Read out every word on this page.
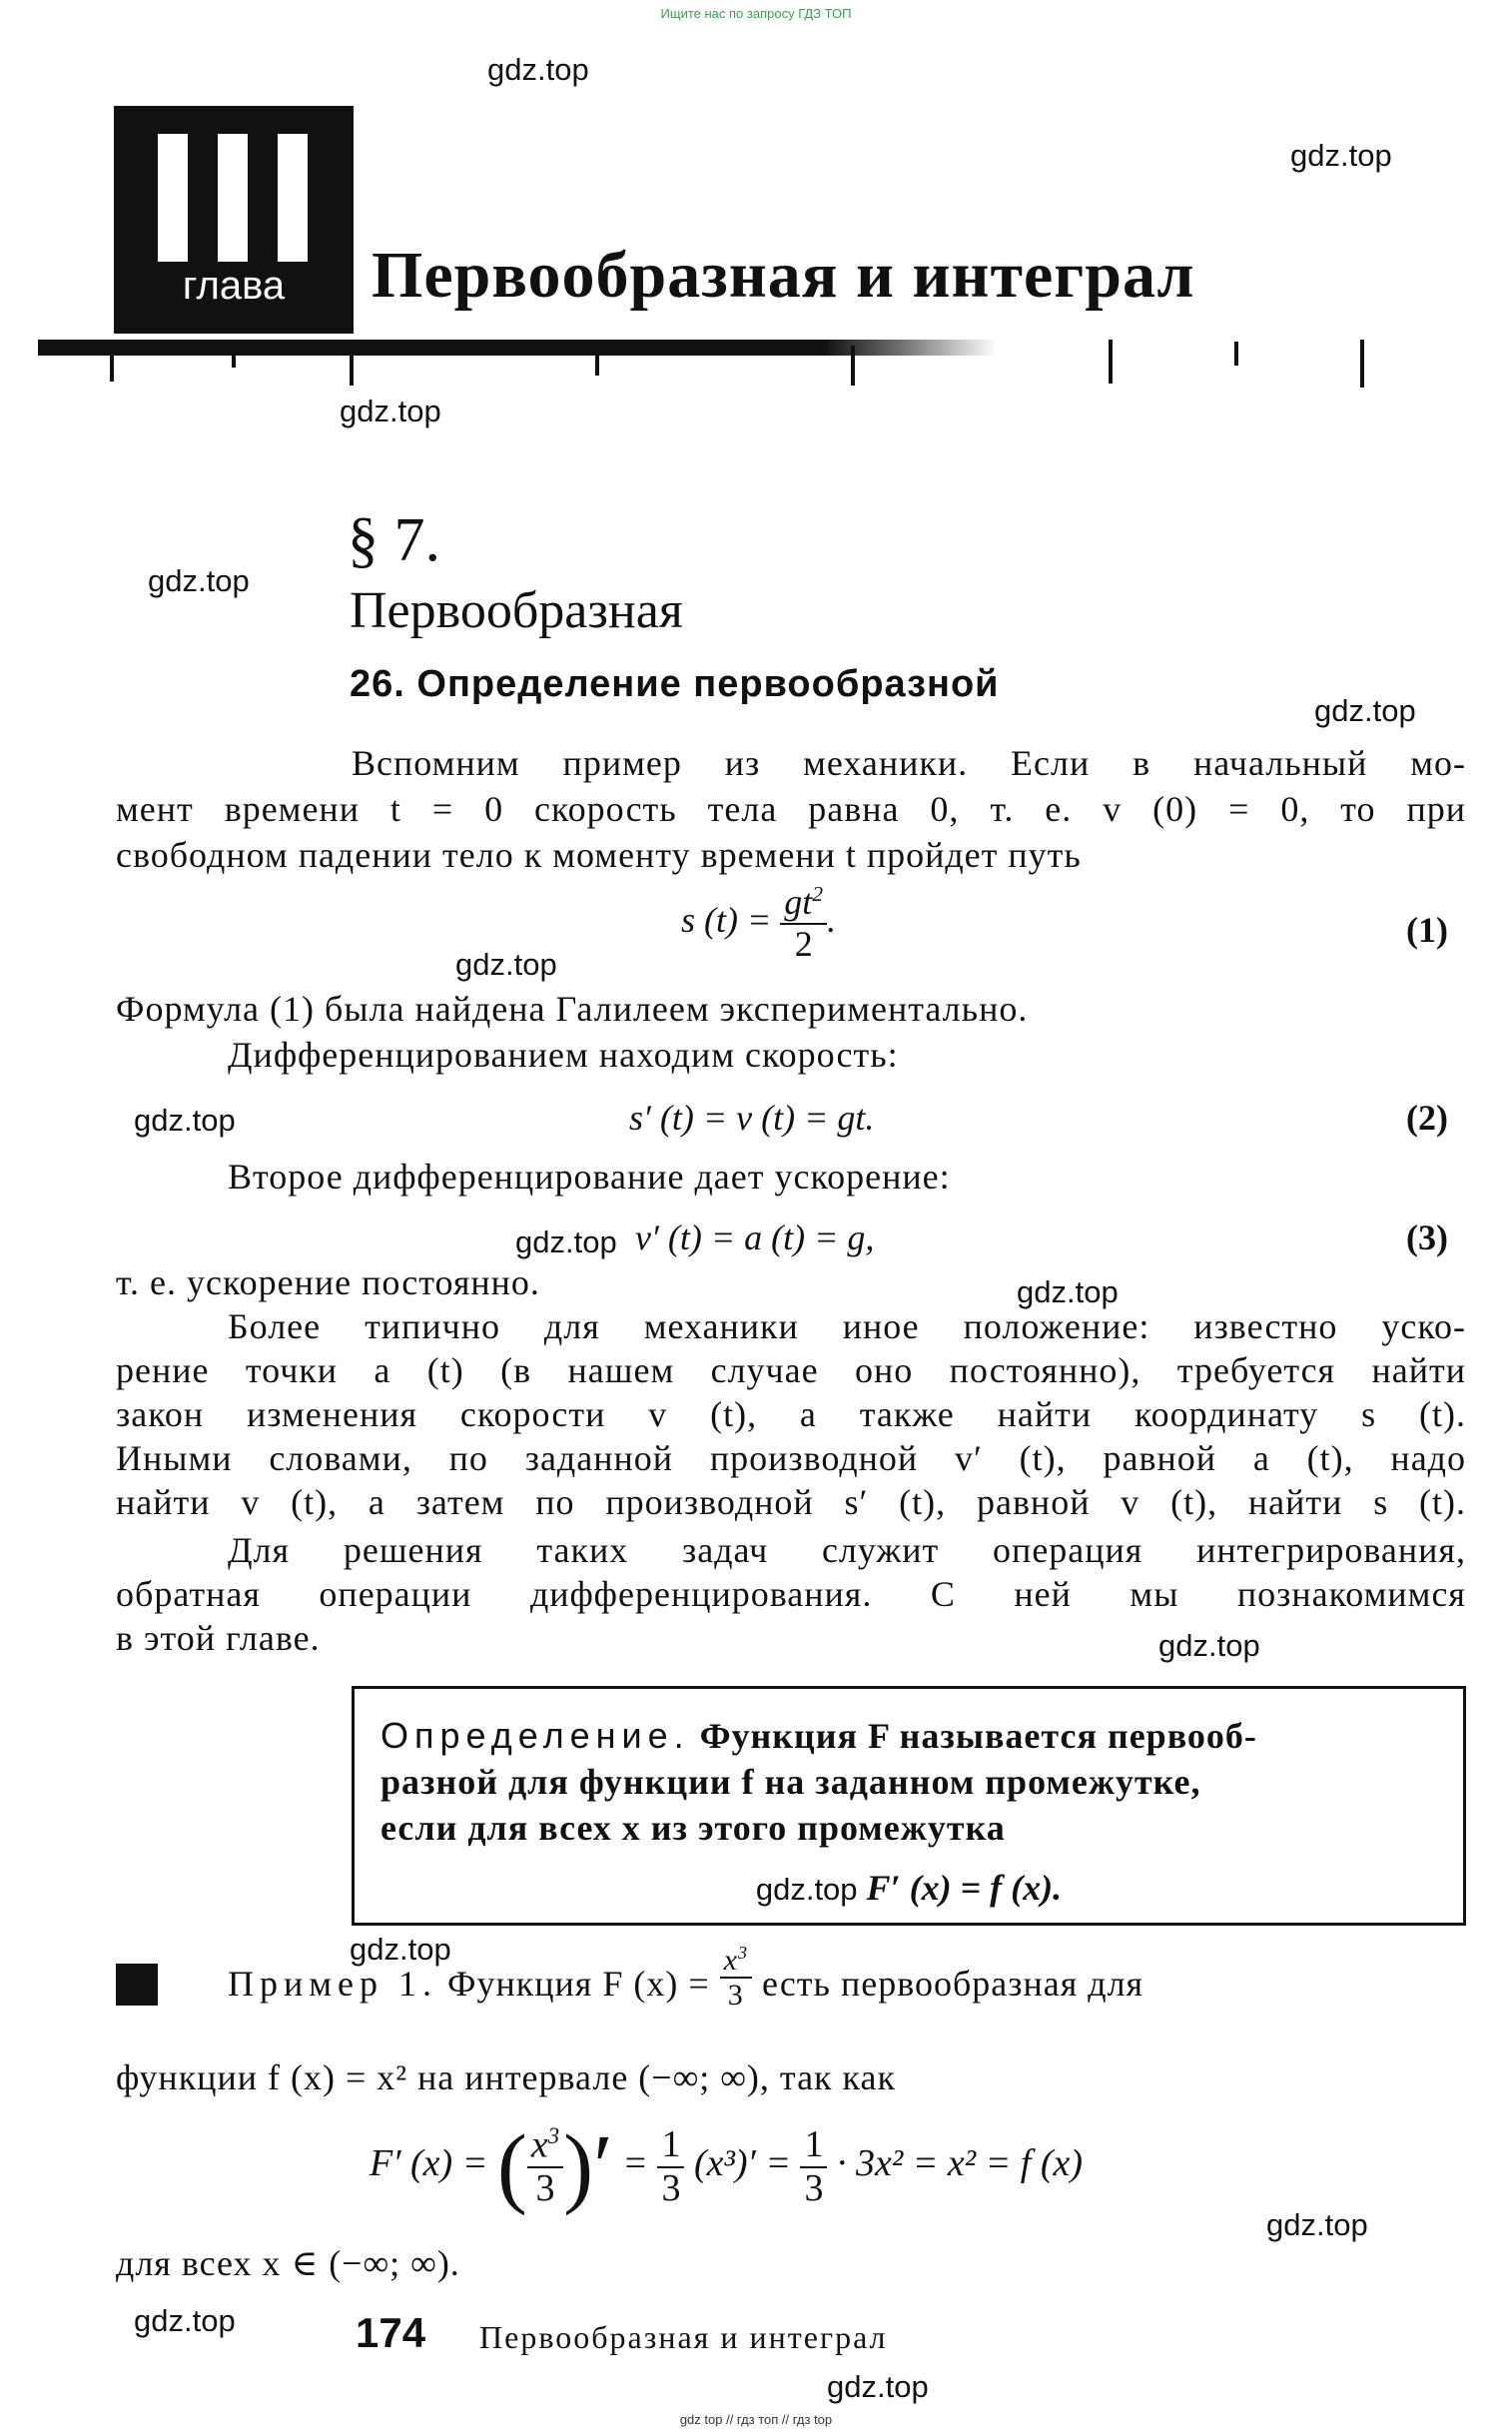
Ищите нас по запросу ГДЗ ТОП
gdz.top
gdz.top
глава	Первообразная и интеграл
gdz.top
gdz.top
§ 7.
Первообразная
26. Определение первообразной
gdz.top
Вспомним пример из механики. Если в начальный мо-
мент времени t = 0 скорость тела равна 0, т. е. v (0) = 0, то при
свободном падении тело к моменту времени t пройдет путь
s $(t) = \frac{gt^2}{2}$ .	(1)
gdz.top
Формула (1) была найдена Галилеем экспериментально.
Дифференцированием находим скорость:
gdz.top	s′ (t) = v (t) = gt.	(2)
Второе дифференцирование дает ускорение:
gdz.top v′ (t) = a (t) = g,	(3)
т. е. ускорение постоянно.	gdz.top
Более типично для механики иное положение: известно уско-
рение точки a (t) (в нашем случае оно постоянно), требуется найти
закон изменения скорости v (t), а также найти координату s (t).
Иными словами, по заданной производной v′ (t), равной a (t), надо
найти v (t), а затем по производной s′ (t), равной v (t), найти s (t).
Для решения таких задач служит операция интегрирования,
обратная операции дифференцирования. С ней мы познакомимся
в этой главе.	gdz.top
Определение. Функция F называется первооб-
разной для функции f на заданном промежутке,
если для всех x из этого промежутка
gdz.top F′ (x) = f (x).
gdz.top
Пример 1. Функция F $(x) = \frac{x^3}{3}$ есть первообразная для
функции f (x) = x² на интервале (−∞; ∞), так как
F′ (x) = ( $\frac{x^3}{3}$ )′ = $\frac{1}{3} (x^3)' = \frac{1}{3} \cdot 3x^2 = x^2 = f$ (x)
gdz.top
для всех x ∈ (−∞; ∞).
gdz.top	174 Первообразная и интеграл
gdz.top
gdz top // гдз топ // гдз top
